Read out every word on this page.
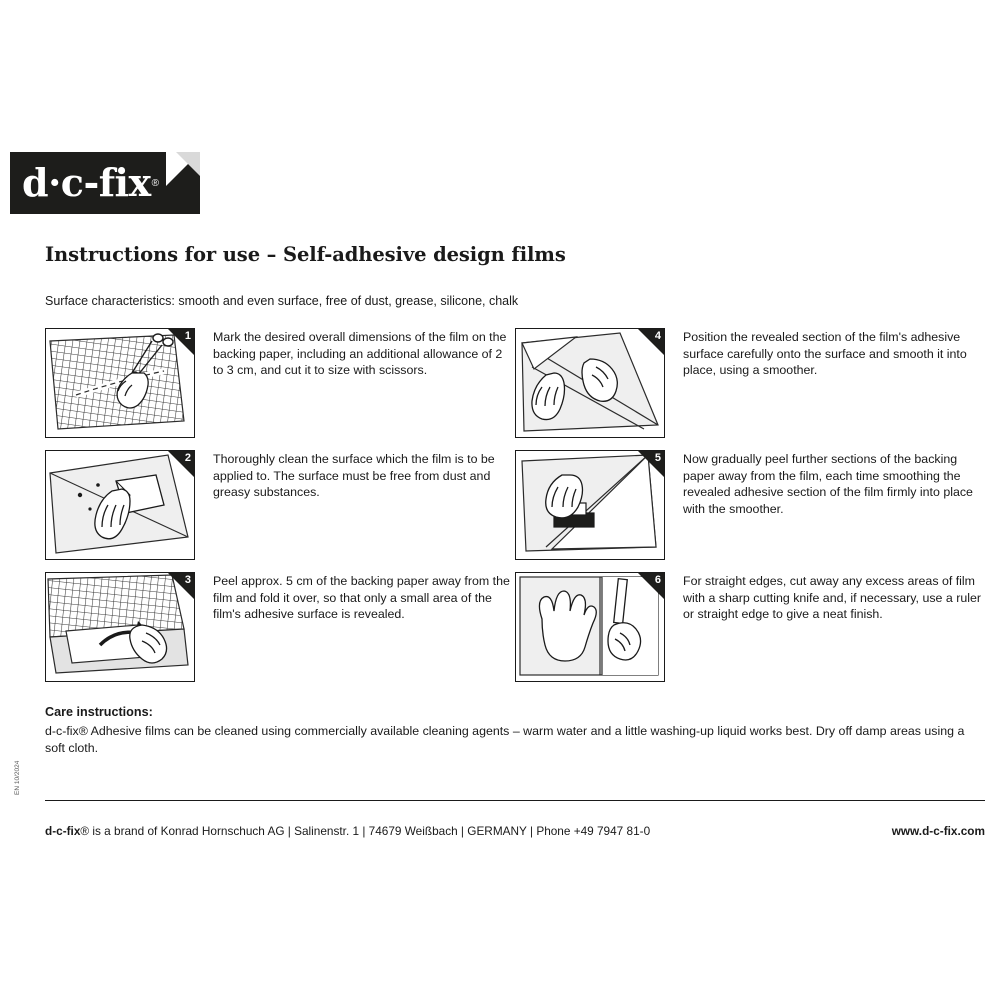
d·c-fix ®
Instructions for use – Self-adhesive design films
Surface characteristics: smooth and even surface, free of dust, grease, silicone, chalk
1	Mark the desired overall dimensions of the film on the backing paper, including an additional allowance of 2 to 3 cm, and cut it to size with scissors.
4	Position the revealed section of the film's adhesive surface carefully onto the surface and smooth it into place, using a smoother.
2	Thoroughly clean the surface which the film is to be applied to. The surface must be free from dust and greasy substances.
5	Now gradually peel further sections of the backing paper away from the film, each time smoothing the revealed adhesive section of the film firmly into place with the smoother.
3	Peel approx. 5 cm of the backing paper away from the film and fold it over, so that only a small area of the film's adhesive surface is revealed.
6	For straight edges, cut away any excess areas of film with a sharp cutting knife and, if necessary, use a ruler or straight edge to give a neat finish.
Care instructions:
d-c-fix® Adhesive films can be cleaned using commercially available cleaning agents – warm water and a little washing-up liquid works best. Dry off damp areas using a soft cloth.
d-c-fix® is a brand of Konrad Hornschuch AG | Salinenstr. 1 | 74679 Weißbach | GERMANY | Phone +49 7947 81-0	www.d-c-fix.com
EN 10/2024
